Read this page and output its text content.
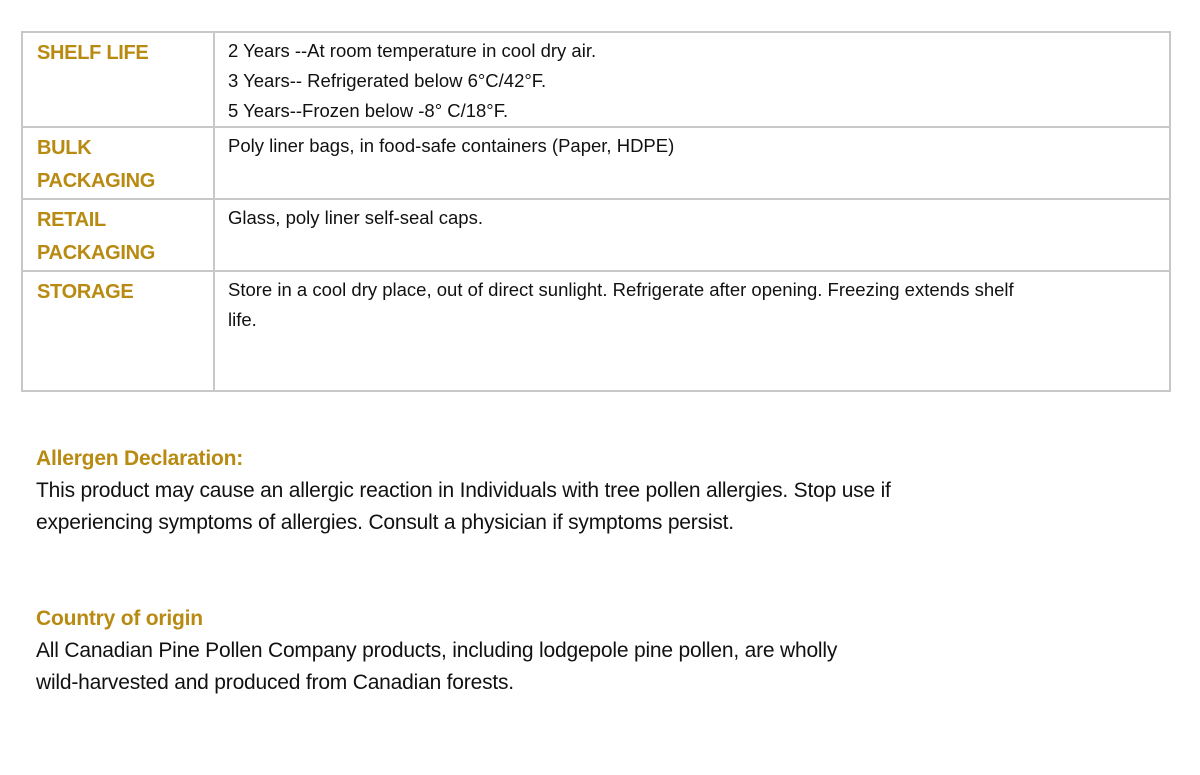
SHELF LIFE	2 Years --At room temperature in cool dry air.
3 Years-- Refrigerated below 6°C/42°F.
5 Years--Frozen below -8° C/18°F.

BULK
PACKAGING	Poly liner bags, in food-safe containers (Paper, HDPE)

RETAIL
PACKAGING	Glass, poly liner self-seal caps.

STORAGE	Store in a cool dry place, out of direct sunlight. Refrigerate after opening. Freezing extends shelf
life.
Allergen Declaration:
This product may cause an allergic reaction in Individuals with tree pollen allergies. Stop use if
experiencing symptoms of allergies. Consult a physician if symptoms persist.
Country of origin
All Canadian Pine Pollen Company products, including lodgepole pine pollen, are wholly
wild-harvested and produced from Canadian forests.
